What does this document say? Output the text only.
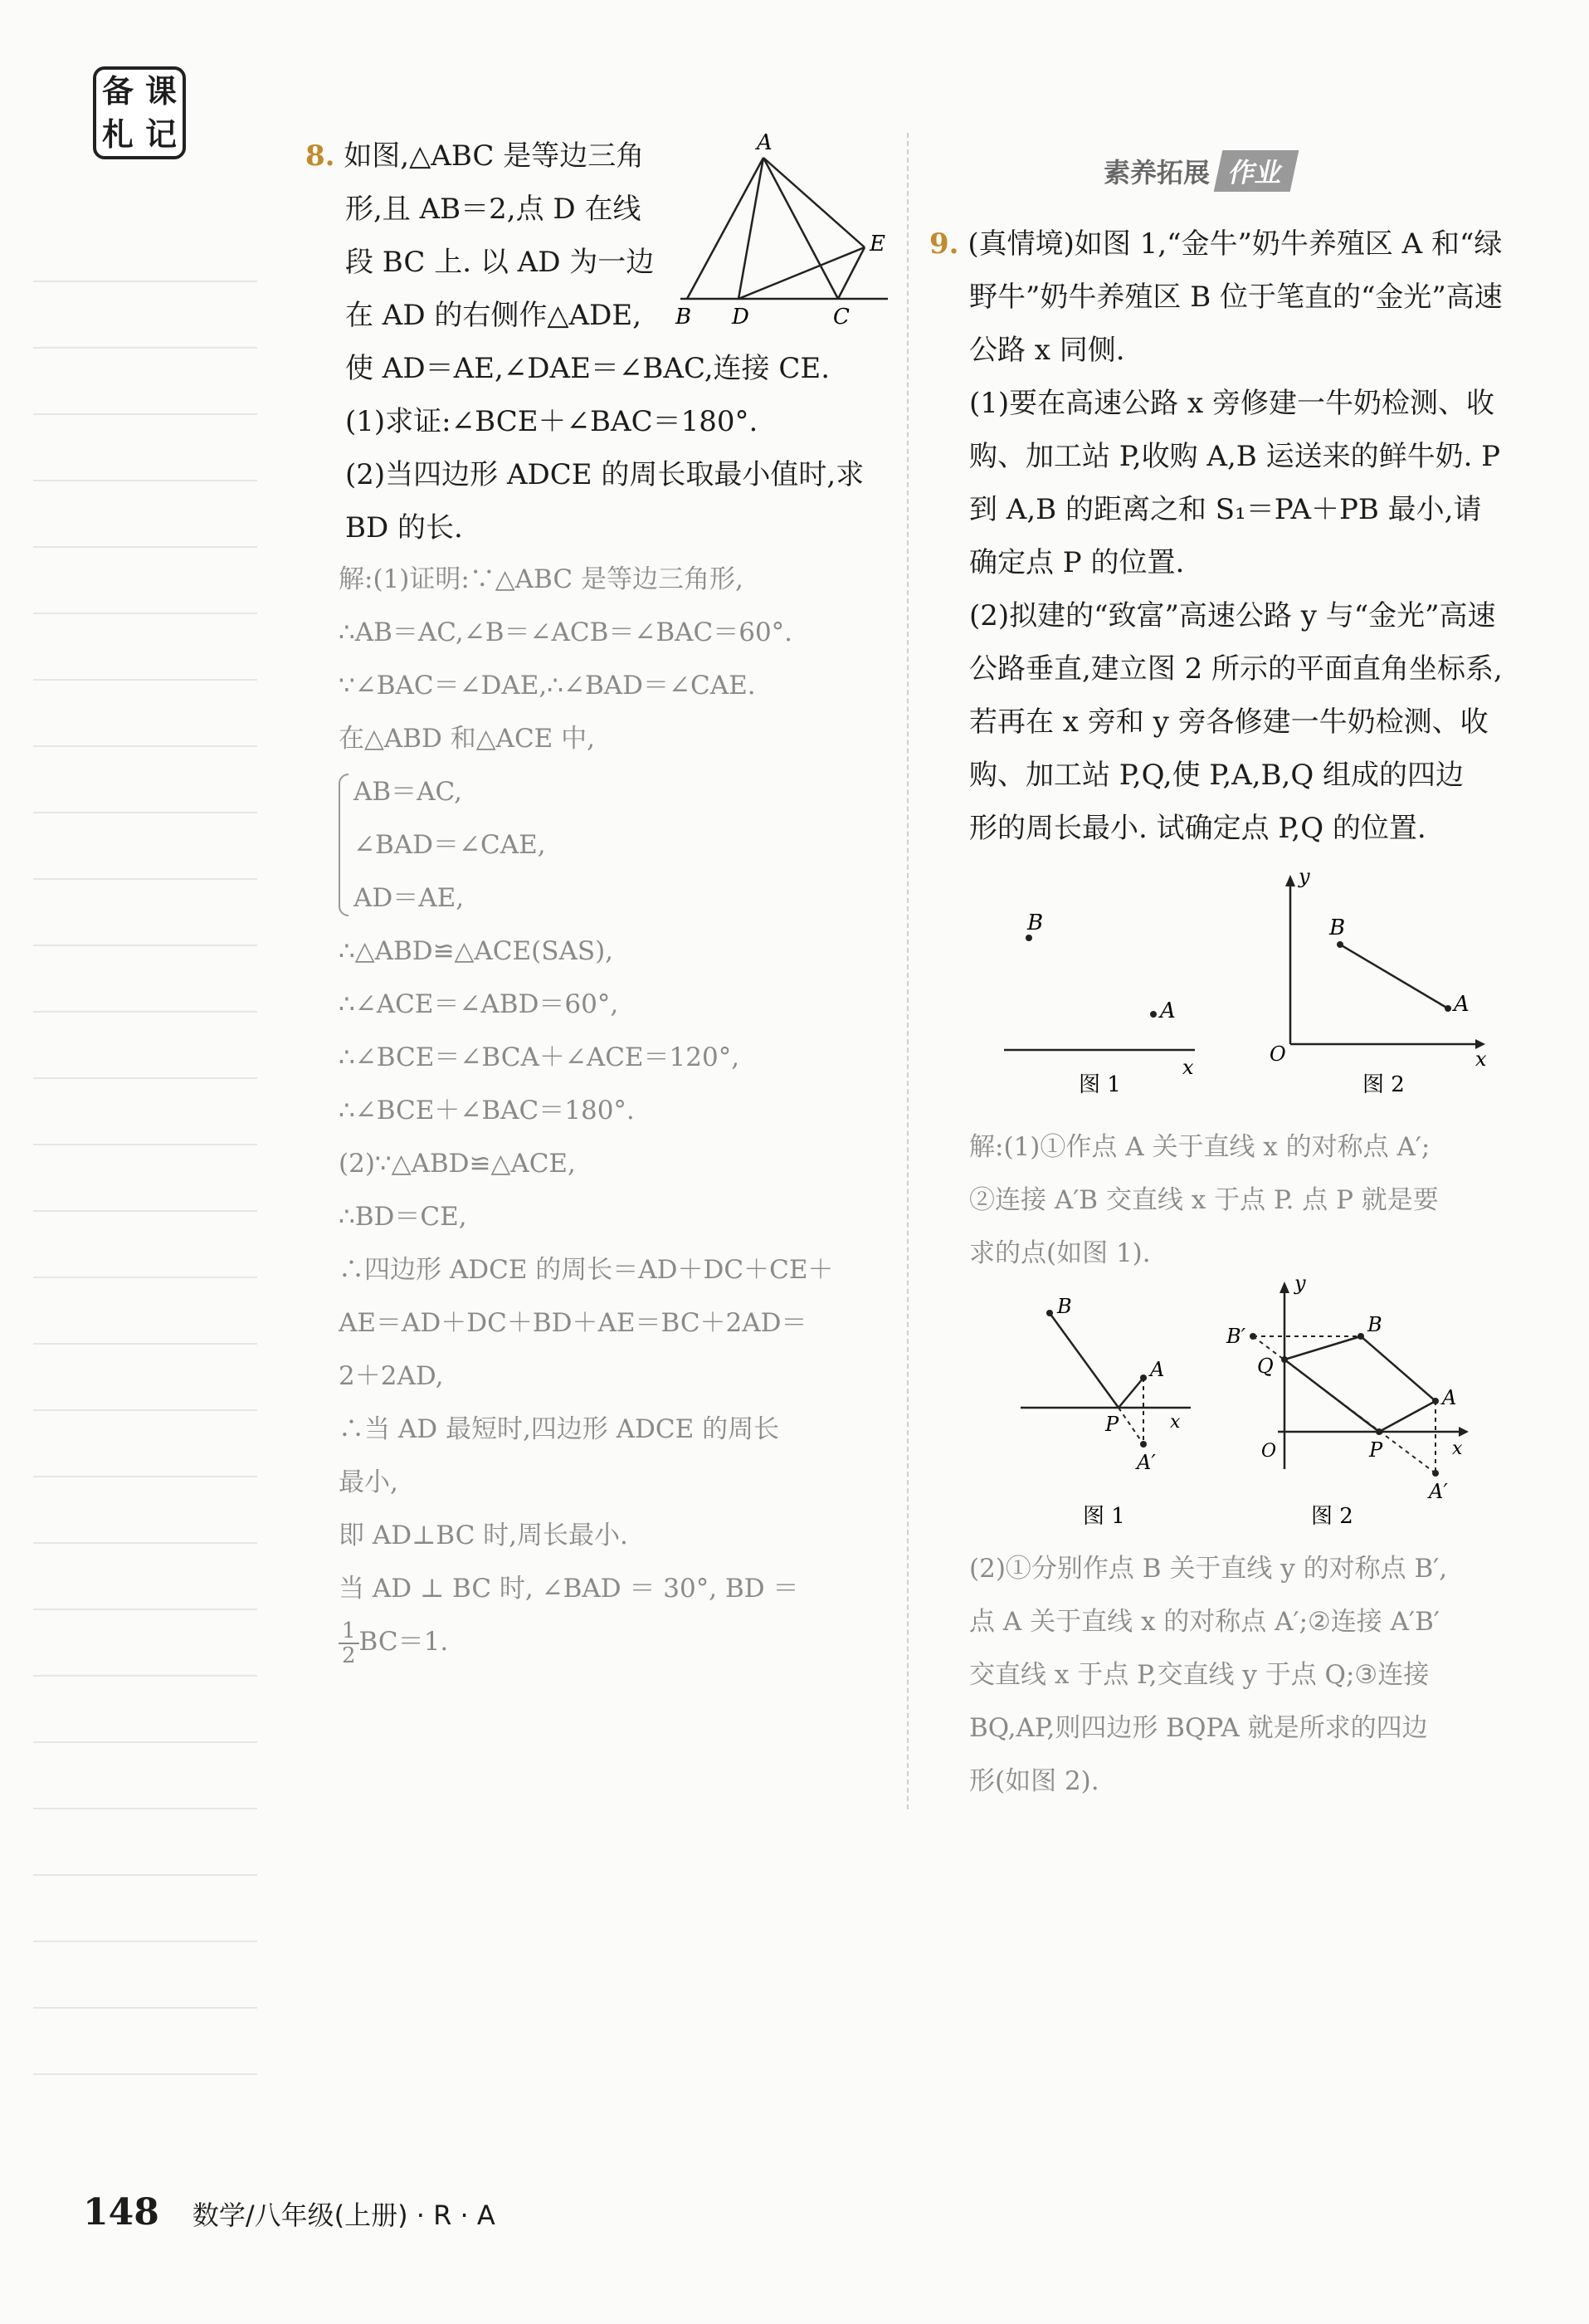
备 课
札 记

8. 如图,△ABC 是等边三角

形,且 AB＝2,点 D 在线

段 BC 上. 以 AD 为一边

在 AD 的右侧作△ADE,

使 AD＝AE,∠DAE＝∠BAC,连接 CE.

(1)求证:∠BCE＋∠BAC＝180°.

(2)当四边形 ADCE 的周长取最小值时,求

BD 的长.

A
B D	C
E

解:(1)证明:∵△ABC 是等边三角形,

∴AB＝AC,∠B＝∠ACB＝∠BAC＝60°.

∵∠BAC＝∠DAE,∴∠BAD＝∠CAE.

在△ABD 和△ACE 中,

AB＝AC,

∠BAD＝∠CAE,

AD＝AE,

∴△ABD≌△ACE(SAS),

∴∠ACE＝∠ABD＝60°,

∴∠BCE＝∠BCA＋∠ACE＝120°,

∴∠BCE＋∠BAC＝180°.

(2)∵△ABD≌△ACE,

∴BD＝CE,

∴四边形 ADCE 的周长＝AD＋DC＋CE＋

AE＝AD＋DC＋BD＋AE＝BC＋2AD＝

2＋2AD,

∴当 AD 最短时,四边形 ADCE 的周长

最小,

即 AD⊥BC 时,周长最小.

当 AD ⊥ BC 时, ∠BAD ＝ 30°, BD ＝

$\frac{1}{2} BC=1$.

素养拓展 作业

9. (真情境)如图 1,“金牛”奶牛养殖区 A 和“绿

野牛”奶牛养殖区 B 位于笔直的“金光”高速

公路 x 同侧.

(1)要在高速公路 x 旁修建一牛奶检测、收

购、加工站 P,收购 A,B 运送来的鲜牛奶. P

到 A,B 的距离之和 S₁＝PA＋PB 最小,请

确定点 P 的位置.

(2)拟建的“致富”高速公路 y 与“金光”高速

公路垂直,建立图 2 所示的平面直角坐标系,

若再在 x 旁和 y 旁各修建一牛奶检测、收

购、加工站 P,Q,使 P,A,B,Q 组成的四边

形的周长最小. 试确定点 P,Q 的位置.

B
A
x
图 1
y
B
A
O	x
图 2

解:(1)①作点 A 关于直线 x 的对称点 A′;

②连接 A′B 交直线 x 于点 P. 点 P 就是要

求的点(如图 1).

B
A
P	x
A′
图 1
y
B′	B
Q
A
O	P	x
A′
图 2

(2)①分别作点 B 关于直线 y 的对称点 B′,

点 A 关于直线 x 的对称点 A′;②连接 A′B′

交直线 x 于点 P,交直线 y 于点 Q;③连接

BQ,AP,则四边形 BQPA 就是所求的四边

形(如图 2).

148 数学/八年级(上册) · R · A
